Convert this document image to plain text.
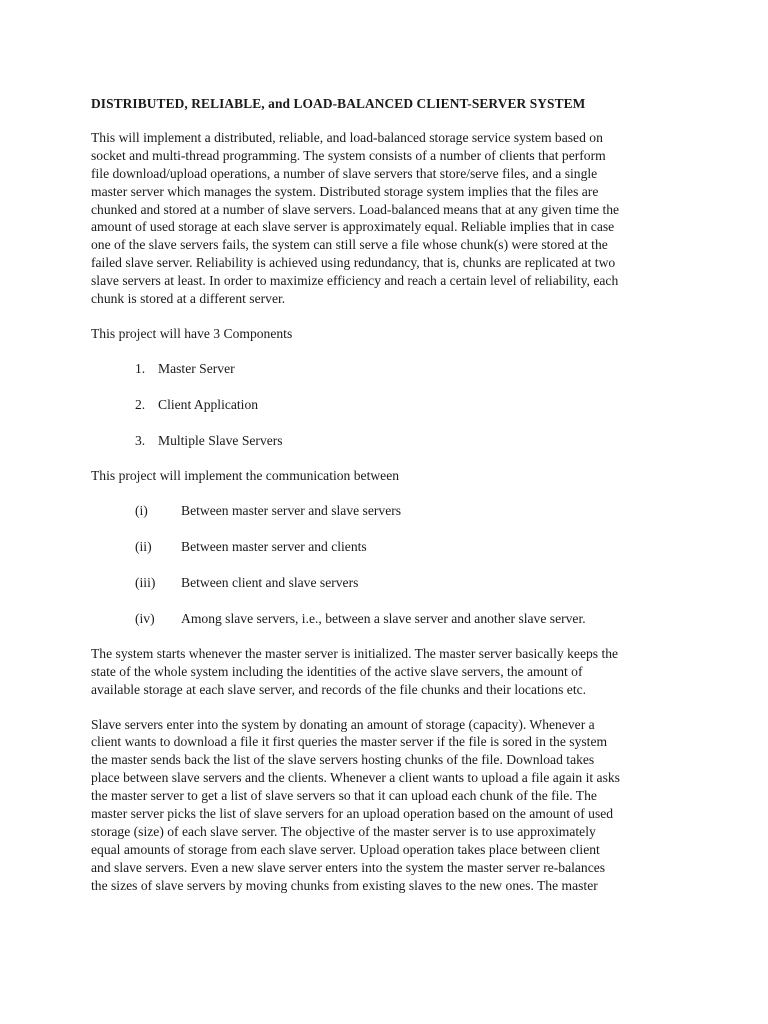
DISTRIBUTED, RELIABLE, and LOAD-BALANCED CLIENT-SERVER SYSTEM

This will implement a distributed, reliable, and load-balanced storage service system based on

socket and multi-thread programming. The system consists of a number of clients that perform

file download/upload operations, a number of slave servers that store/serve files, and a single

master server which manages the system. Distributed storage system implies that the files are

chunked and stored at a number of slave servers. Load-balanced means that at any given time the

amount of used storage at each slave server is approximately equal. Reliable implies that in case

one of the slave servers fails, the system can still serve a file whose chunk(s) were stored at the

failed slave server. Reliability is achieved using redundancy, that is, chunks are replicated at two

slave servers at least. In order to maximize efficiency and reach a certain level of reliability, each

chunk is stored at a different server.

This project will have 3 Components

1. Master Server
2. Client Application
3. Multiple Slave Servers

This project will implement the communication between

(i) Between master server and slave servers
(ii) Between master server and clients
(iii) Between client and slave servers
(iv) Among slave servers, i.e., between a slave server and another slave server.

The system starts whenever the master server is initialized. The master server basically keeps the

state of the whole system including the identities of the active slave servers, the amount of

available storage at each slave server, and records of the file chunks and their locations etc.

Slave servers enter into the system by donating an amount of storage (capacity). Whenever a

client wants to download a file it first queries the master server if the file is sored in the system

the master sends back the list of the slave servers hosting chunks of the file. Download takes

place between slave servers and the clients. Whenever a client wants to upload a file again it asks

the master server to get a list of slave servers so that it can upload each chunk of the file. The

master server picks the list of slave servers for an upload operation based on the amount of used

storage (size) of each slave server. The objective of the master server is to use approximately

equal amounts of storage from each slave server. Upload operation takes place between client

and slave servers. Even a new slave server enters into the system the master server re-balances

the sizes of slave servers by moving chunks from existing slaves to the new ones. The master
